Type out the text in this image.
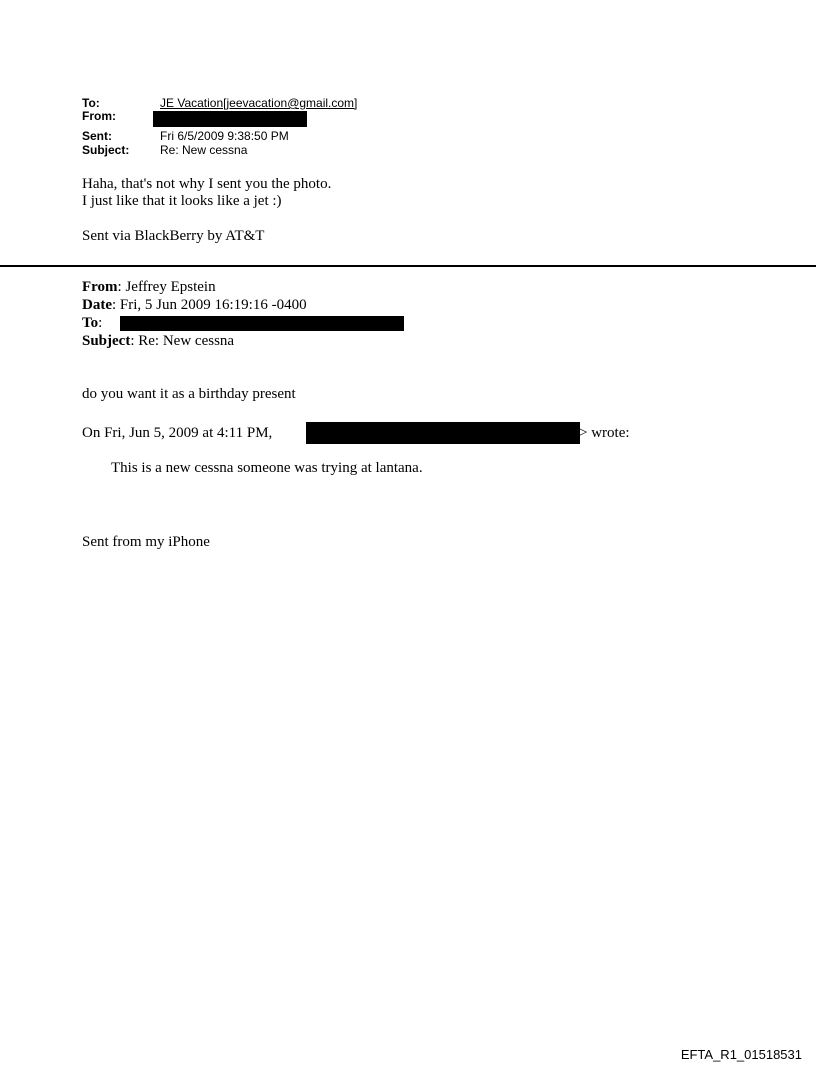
To:	JE Vacation[jeevacation@gmail.com]
From:
Sent:	Fri 6/5/2009 9:38:50 PM
Subject:	Re: New cessna
Haha, that's not why I sent you the photo.
I just like that it looks like a jet :)
Sent via BlackBerry by AT&T
From: Jeffrey Epstein
Date: Fri, 5 Jun 2009 16:19:16 -0400
To:
Subject: Re: New cessna
do you want it as a birthday present
On Fri, Jun 5, 2009 at 4:11 PM,	> wrote:
This is a new cessna someone was trying at lantana.
Sent from my iPhone
EFTA_R1_01518531
